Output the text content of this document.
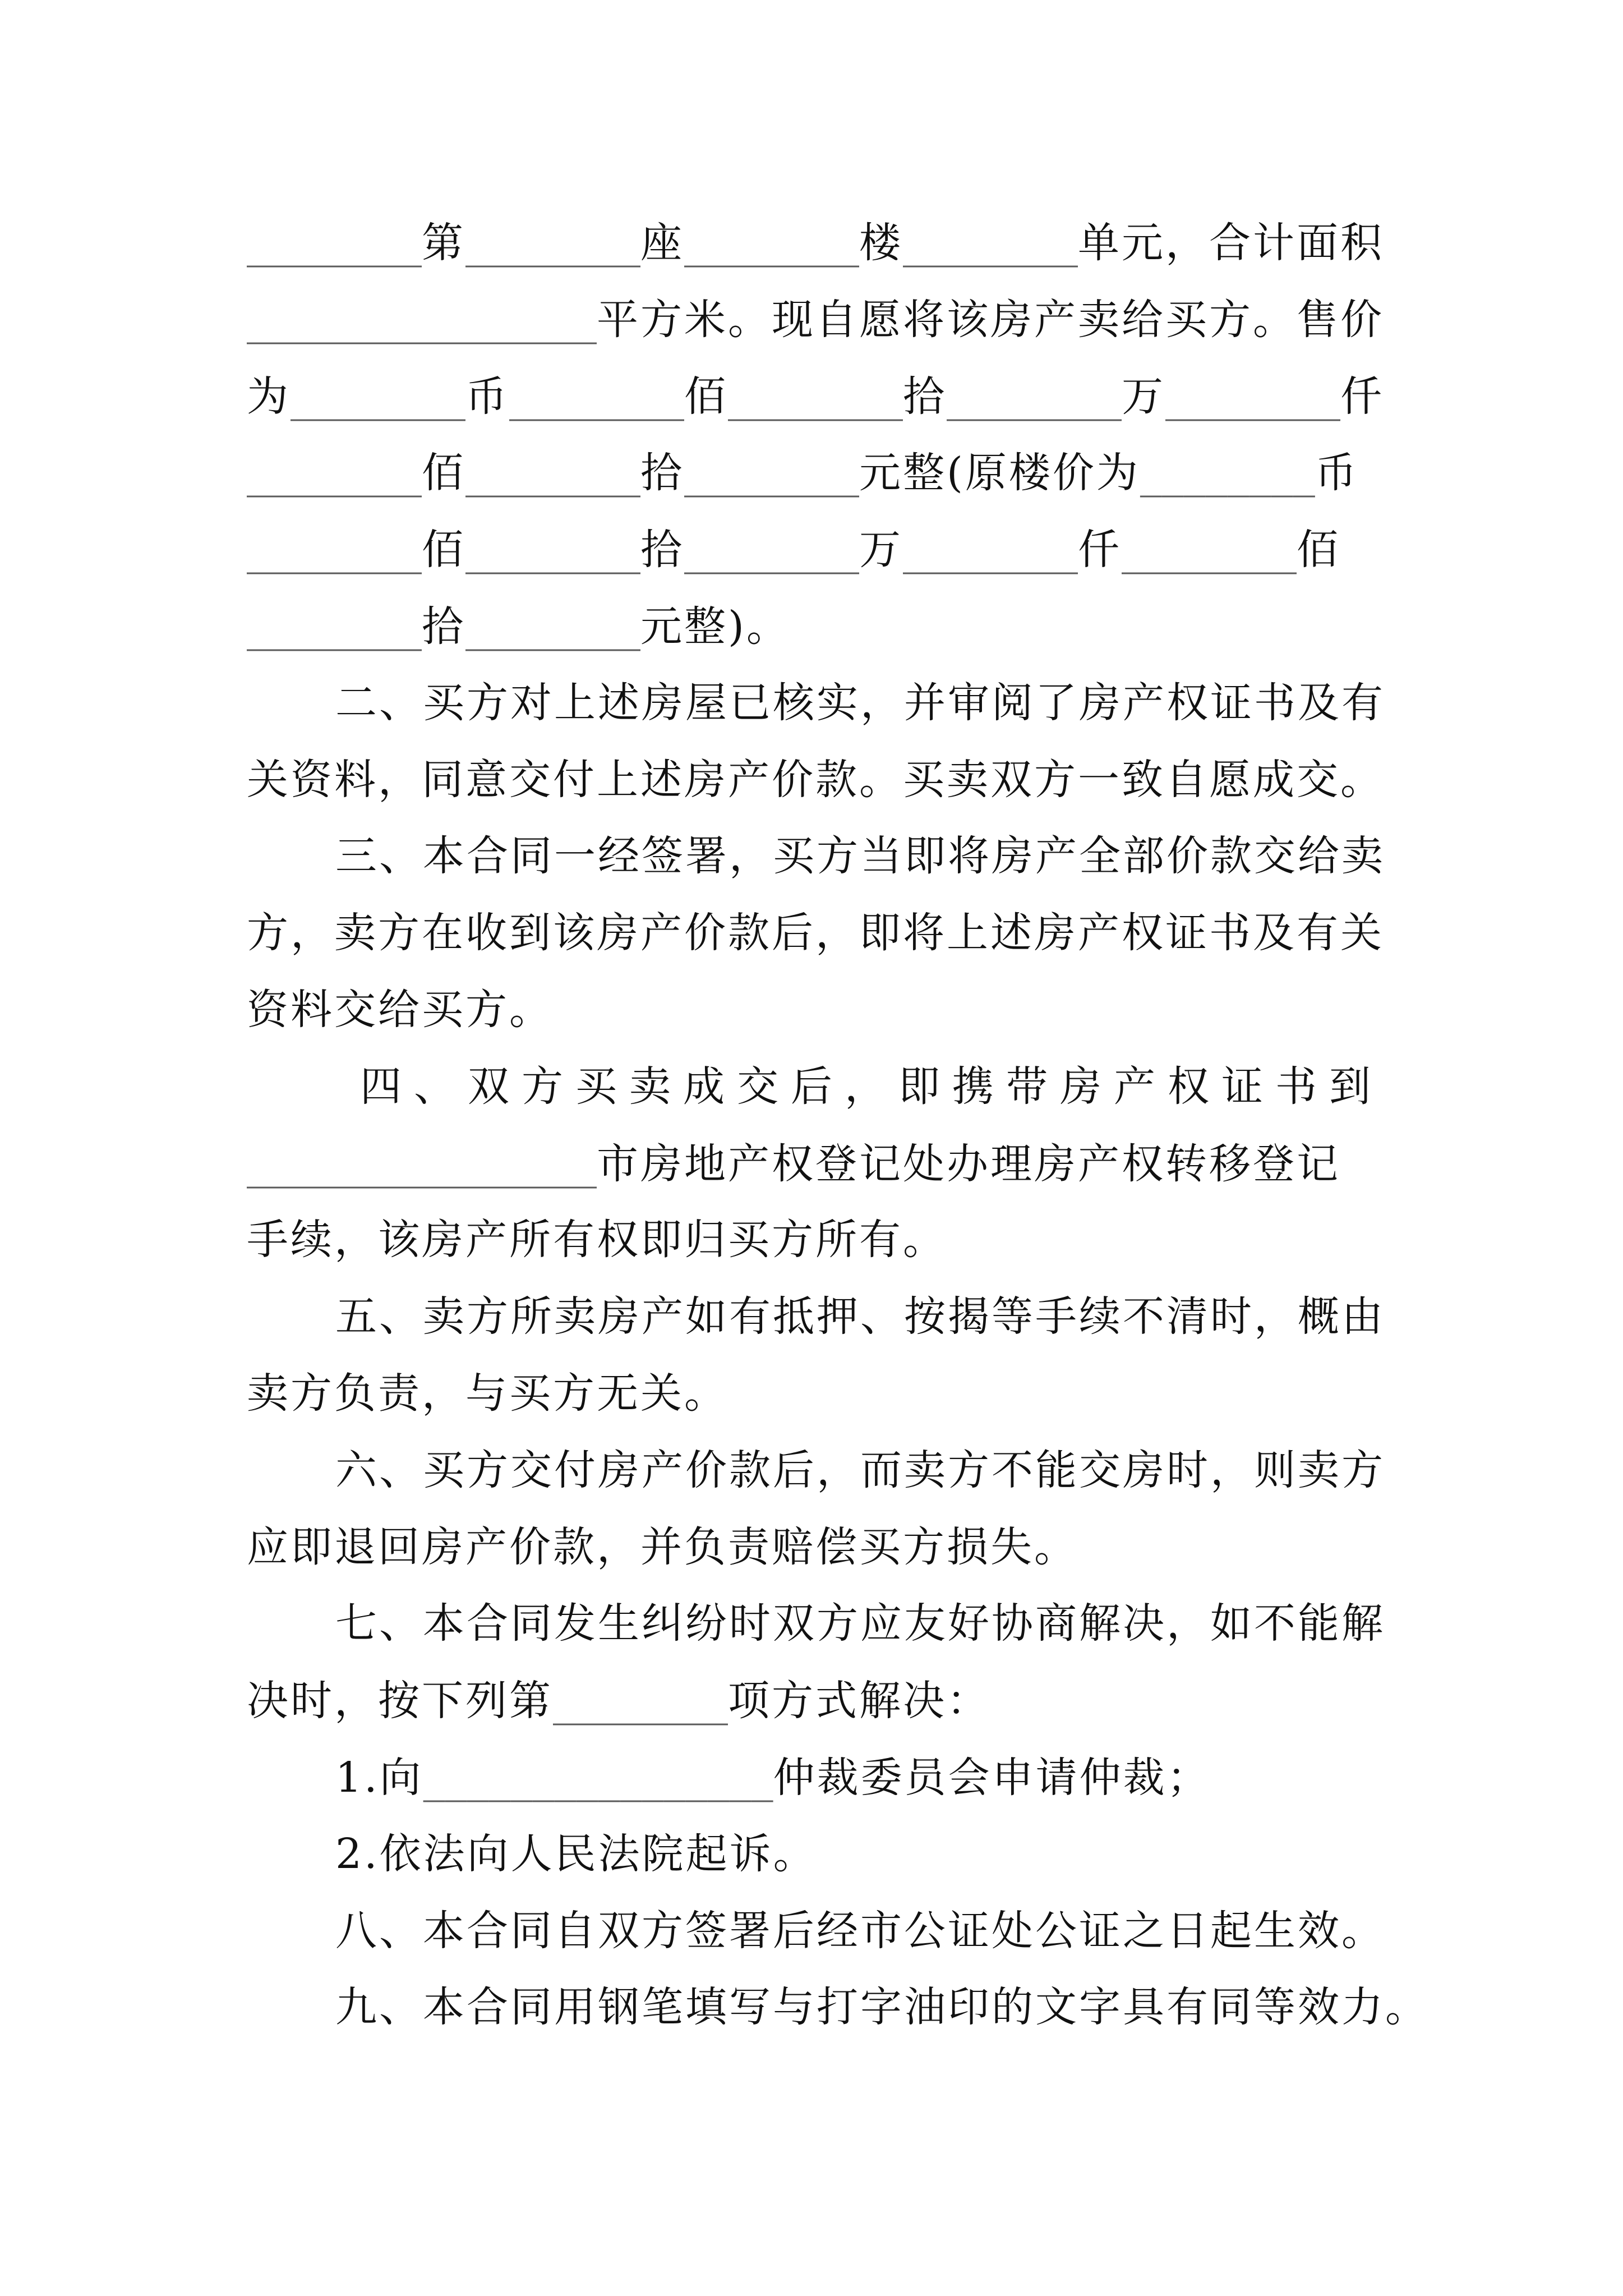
________第________座________楼________单元，合计面积
________________平方米。现自愿将该房产卖给买方。售价
为________币________佰________拾________万________仟
________佰________拾________元整(原楼价为________币
________佰________拾________万________仟________佰
________拾________元整)。
二、买方对上述房屋已核实，并审阅了房产权证书及有
关资料，同意交付上述房产价款。买卖双方一致自愿成交。
三、本合同一经签署，买方当即将房产全部价款交给卖
方，卖方在收到该房产价款后，即将上述房产权证书及有关
资料交给买方。
四、双方买卖成交后，即携带房产权证书到
________________市房地产权登记处办理房产权转移登记
手续，该房产所有权即归买方所有。
五、卖方所卖房产如有抵押、按揭等手续不清时，概由
卖方负责，与买方无关。
六、买方交付房产价款后，而卖方不能交房时，则卖方
应即退回房产价款，并负责赔偿买方损失。
七、本合同发生纠纷时双方应友好协商解决，如不能解
决时，按下列第________项方式解决：
1.向________________仲裁委员会申请仲裁；
2.依法向人民法院起诉。
八、本合同自双方签署后经市公证处公证之日起生效。
九、本合同用钢笔填写与打字油印的文字具有同等效力。
